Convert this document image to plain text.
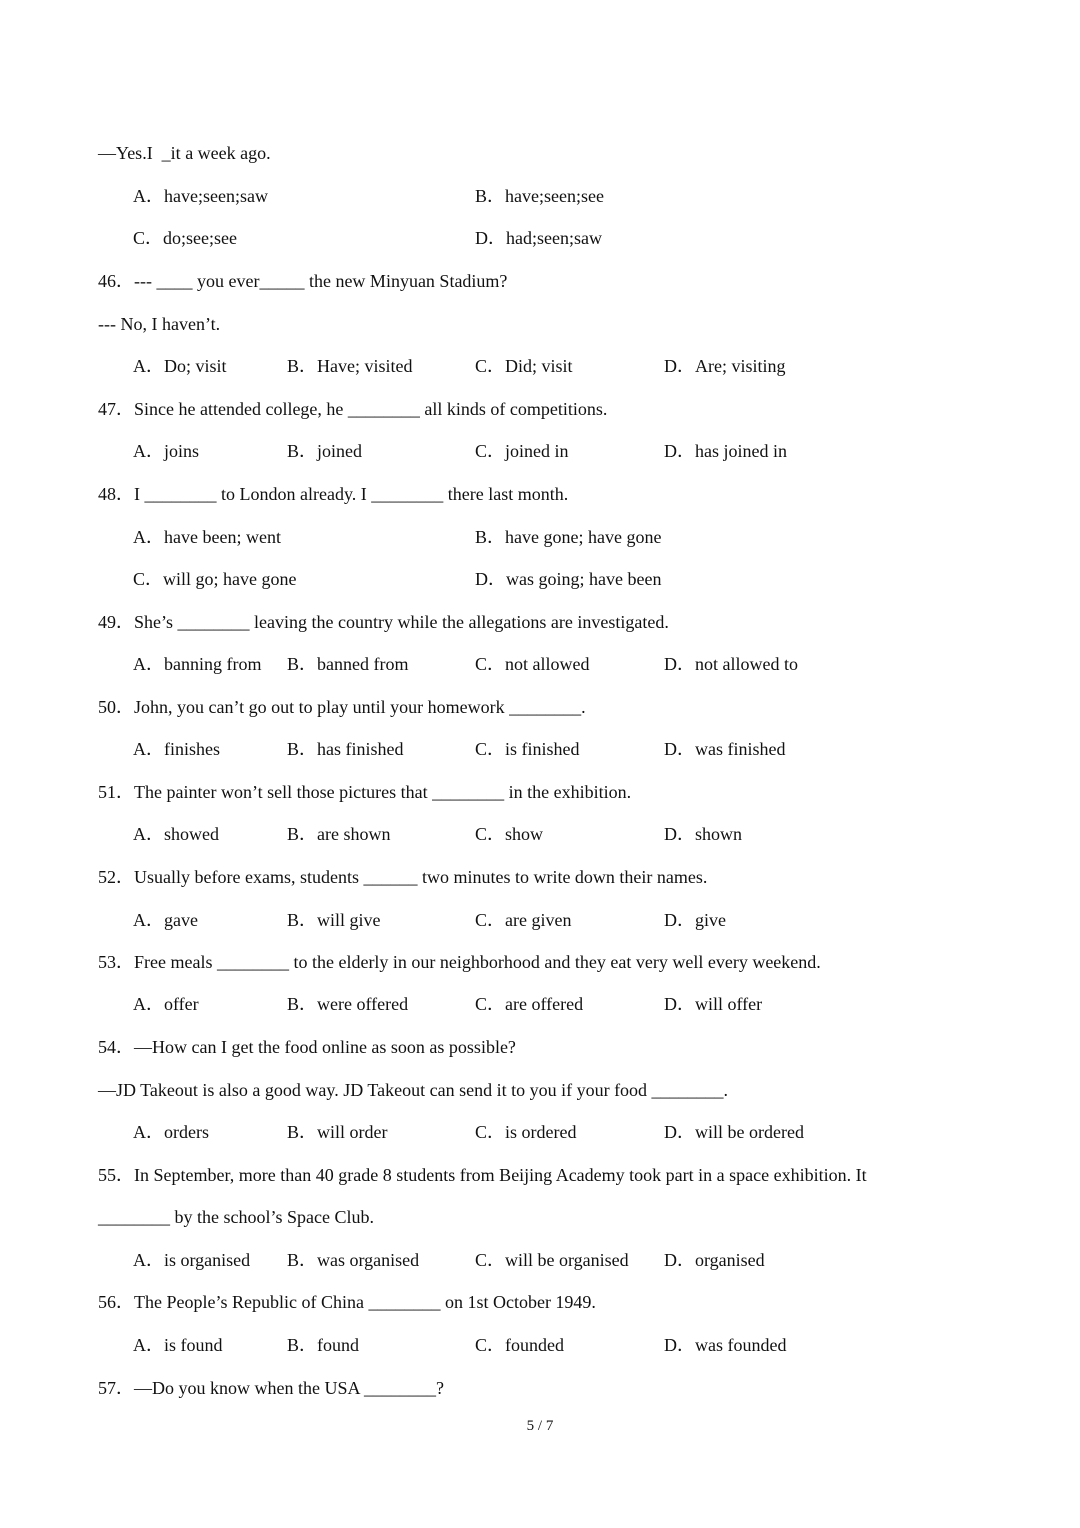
—Yes.I  _it a week ago.
A．have;seen;saw	B．have;seen;see
C．do;see;see	D．had;seen;saw
46．--- ____ you ever_____ the new Minyuan Stadium?
--- No, I haven’t.
A．Do; visit	B．Have; visited	C．Did; visit	D．Are; visiting
47．Since he attended college, he ________ all kinds of competitions.
A．joins	B．joined	C．joined in	D．has joined in
48．I ________ to London already. I ________ there last month.
A．have been; went	B．have gone; have gone
C．will go; have gone	D．was going; have been
49．She’s ________ leaving the country while the allegations are investigated.
A．banning from B．banned from	C．not allowed	D．not allowed to
50．John, you can’t go out to play until your homework ________.
A．finishes	B．has finished	C．is finished	D．was finished
51．The painter won’t sell those pictures that ________ in the exhibition.
A．showed	B．are shown	C．show	D．shown
52．Usually before exams, students ______ two minutes to write down their names.
A．gave	B．will give	C．are given	D．give
53．Free meals ________ to the elderly in our neighborhood and they eat very well every weekend.
A．offer	B．were offered	C．are offered	D．will offer
54．—How can I get the food online as soon as possible?
—JD Takeout is also a good way. JD Takeout can send it to you if your food ________.
A．orders	B．will order	C．is ordered	D．will be ordered
55．In September, more than 40 grade 8 students from Beijing Academy took part in a space exhibition. It
________ by the school’s Space Club.
A．is organised B．was organised	C．will be organised D．organised
56．The People’s Republic of China ________ on 1st October 1949.
A．is found	B．found	C．founded	D．was founded
57．—Do you know when the USA ________?
5 / 7
